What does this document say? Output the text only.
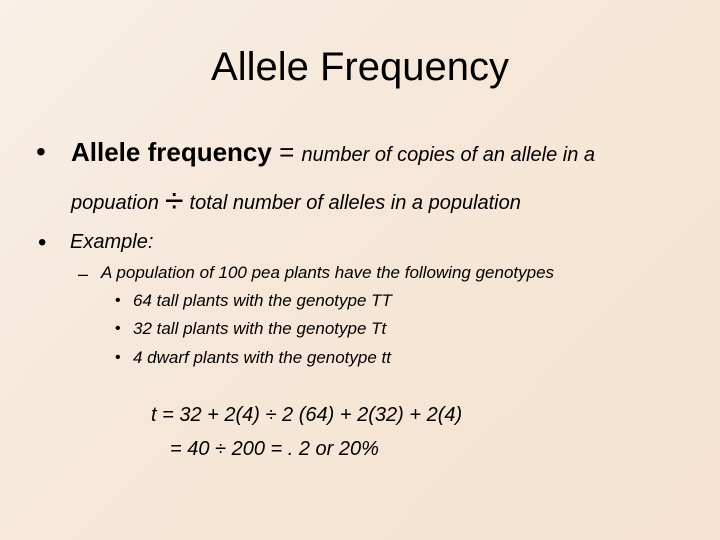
Allele Frequency
• Allele frequency = number of copies of an allele in a
popuation ÷ total number of alleles in a population
• Example:
– A population of 100 pea plants have the following genotypes
• 64 tall plants with the genotype TT
• 32 tall plants with the genotype Tt
• 4 dwarf plants with the genotype tt
t = 32 + 2(4) ÷ 2 (64) + 2(32) + 2(4)
= 40 ÷ 200 = . 2 or 20%
